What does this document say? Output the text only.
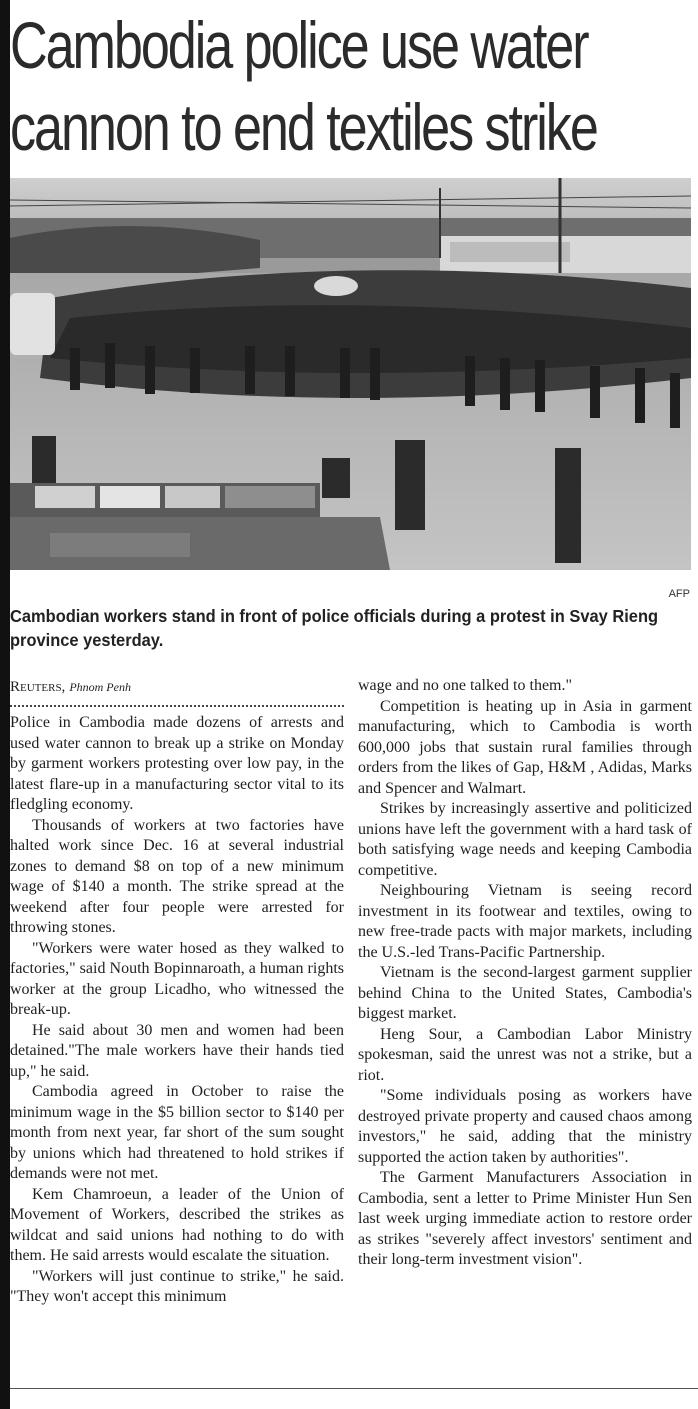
Cambodia police use water cannon to end textiles strike
AFP

Cambodian workers stand in front of police officials during a protest in Svay Rieng province yesterday.

Reuters, Phnom Penh

Police in Cambodia made dozens of arrests and used water cannon to break up a strike on Monday by garment workers protesting over low pay, in the latest flare-up in a manufacturing sector vital to its fledgling economy.

Thousands of workers at two factories have halted work since Dec. 16 at several industrial zones to demand $8 on top of a new minimum wage of $140 a month. The strike spread at the weekend after four people were arrested for throwing stones.

"Workers were water hosed as they walked to factories," said Nouth Bopinnaroath, a human rights worker at the group Licadho, who witnessed the break-up.

He said about 30 men and women had been detained."The male workers have their hands tied up," he said.

Cambodia agreed in October to raise the minimum wage in the $5 billion sector to $140 per month from next year, far short of the sum sought by unions which had threatened to hold strikes if demands were not met.

Kem Chamroeun, a leader of the Union of Movement of Workers, described the strikes as wildcat and said unions had nothing to do with them. He said arrests would escalate the situation.

"Workers will just continue to strike," he said. "They won't accept this minimum

wage and no one talked to them."

Competition is heating up in Asia in garment manufacturing, which to Cambodia is worth 600,000 jobs that sustain rural families through orders from the likes of Gap, H&M , Adidas, Marks and Spencer and Walmart.

Strikes by increasingly assertive and politicized unions have left the government with a hard task of both satisfying wage needs and keeping Cambodia competitive.

Neighbouring Vietnam is seeing record investment in its footwear and textiles, owing to new free-trade pacts with major markets, including the U.S.-led Trans-Pacific Partnership.

Vietnam is the second-largest garment supplier behind China to the United States, Cambodia's biggest market.

Heng Sour, a Cambodian Labor Ministry spokesman, said the unrest was not a strike, but a riot.

"Some individuals posing as workers have destroyed private property and caused chaos among investors," he said, adding that the ministry supported the action taken by authorities".

The Garment Manufacturers Association in Cambodia, sent a letter to Prime Minister Hun Sen last week urging immediate action to restore order as strikes "severely affect investors' sentiment and their long-term investment vision".
